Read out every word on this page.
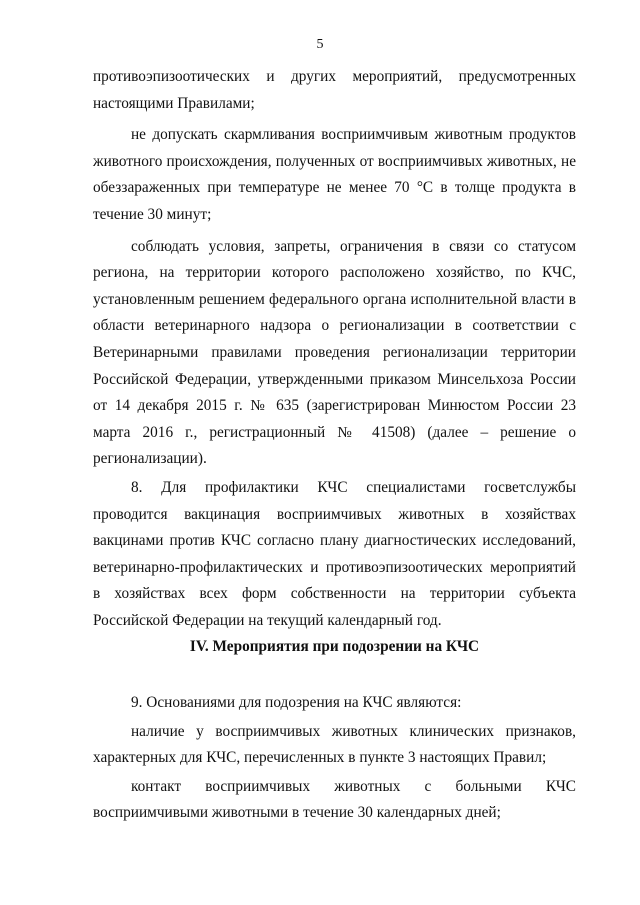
5

противоэпизоотических и других мероприятий, предусмотренных настоящими Правилами;

не допускать скармливания восприимчивым животным продуктов животного происхождения, полученных от восприимчивых животных, не обеззараженных при температуре не менее 70 °С в толще продукта в течение 30 минут;

соблюдать условия, запреты, ограничения в связи со статусом региона, на территории которого расположено хозяйство, по КЧС, установленным решением федерального органа исполнительной власти в области ветеринарного надзора о регионализации в соответствии с Ветеринарными правилами проведения регионализации территории Российской Федерации, утвержденными приказом Минсельхоза России от 14 декабря 2015 г. № 635 (зарегистрирован Минюстом России 23 марта 2016 г., регистрационный № 41508) (далее – решение о регионализации).

8. Для профилактики КЧС специалистами госветслужбы проводится вакцинация восприимчивых животных в хозяйствах вакцинами против КЧС согласно плану диагностических исследований, ветеринарно-профилактических и противоэпизоотических мероприятий в хозяйствах всех форм собственности на территории субъекта Российской Федерации на текущий календарный год.

IV. Мероприятия при подозрении на КЧС

9. Основаниями для подозрения на КЧС являются:

наличие у восприимчивых животных клинических признаков, характерных для КЧС, перечисленных в пункте 3 настоящих Правил;

контакт восприимчивых животных с больными КЧС восприимчивыми животными в течение 30 календарных дней;
